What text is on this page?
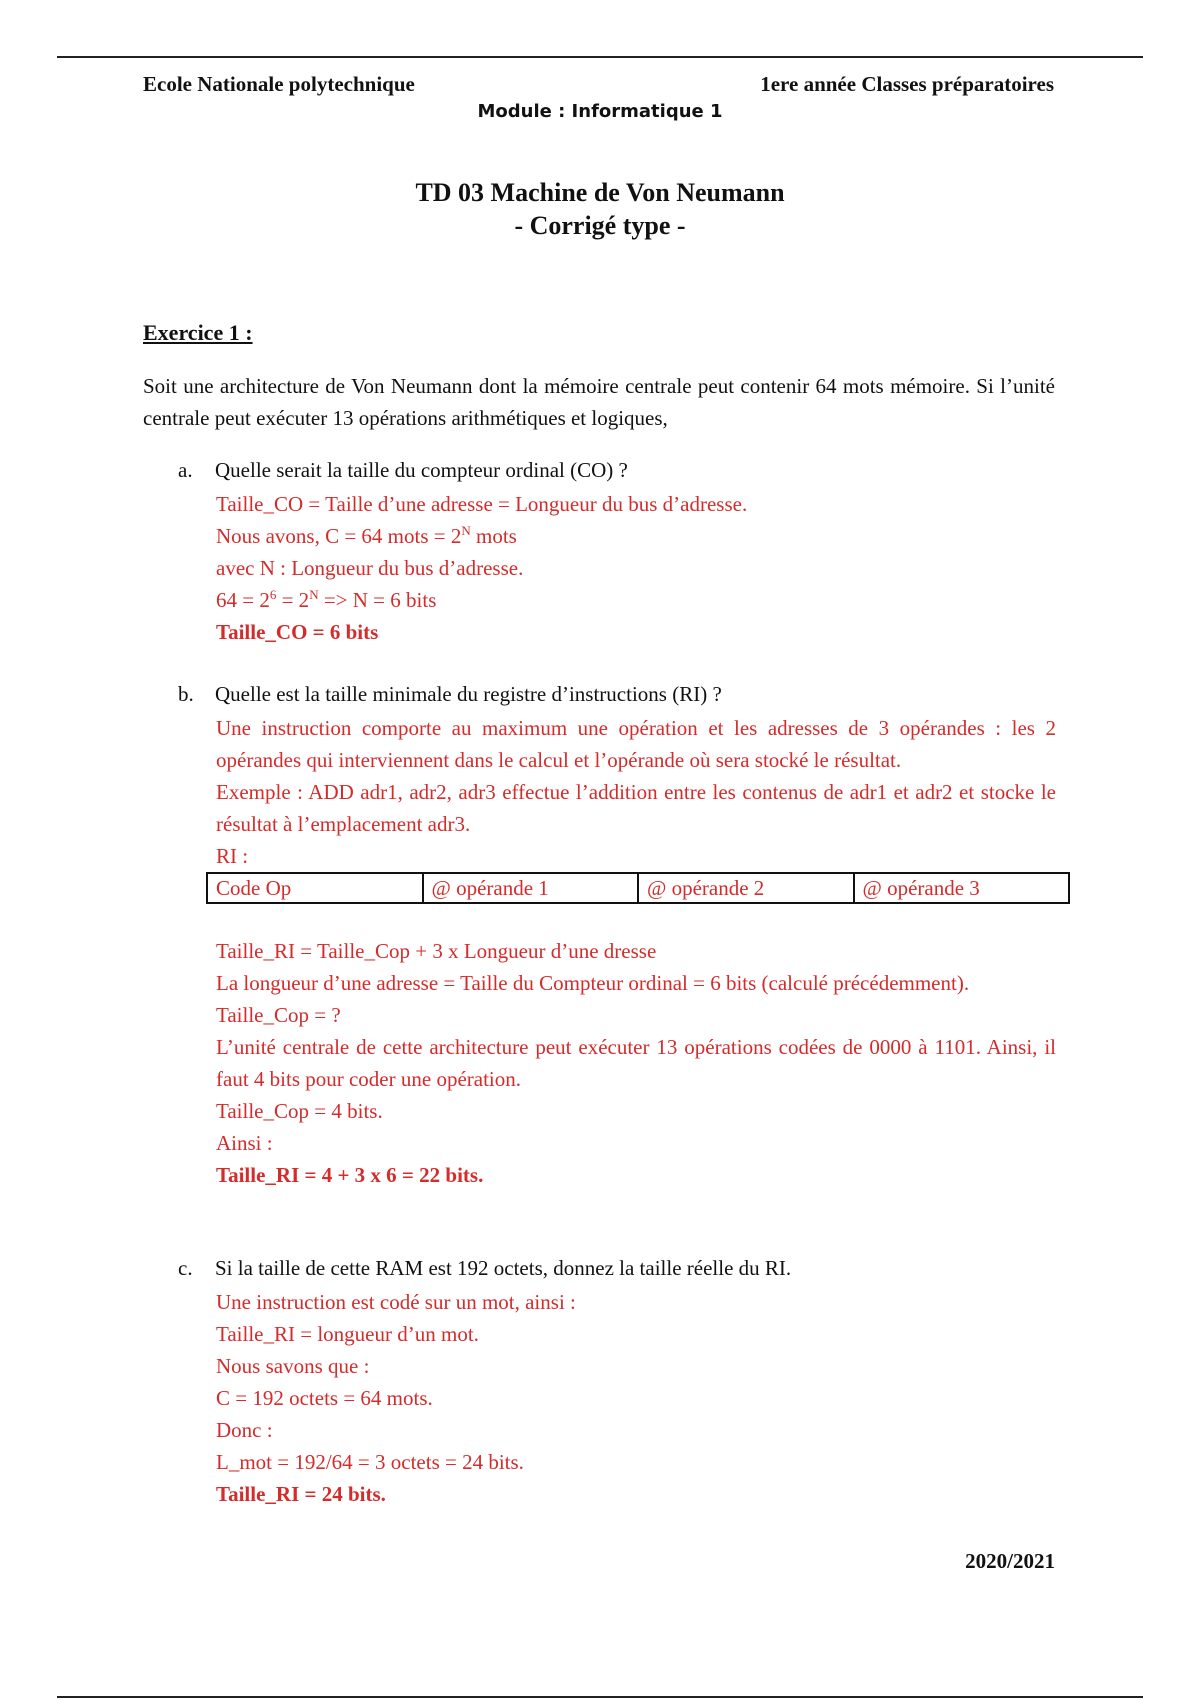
Ecole Nationale polytechnique	1ere année Classes préparatoires
Module : Informatique 1
TD 03 Machine de Von Neumann
- Corrigé type -
Exercice 1 :
Soit une architecture de Von Neumann dont la mémoire centrale peut contenir 64 mots mémoire. Si l’unité centrale peut exécuter 13 opérations arithmétiques et logiques,
a. Quelle serait la taille du compteur ordinal (CO) ?
Taille_CO = Taille d’une adresse = Longueur du bus d’adresse.
Nous avons, C = 64 mots = $2^N$ mots
avec N : Longueur du bus d’adresse.
$64 = 2^6 = 2^N => N = 6$ bits
Taille_CO = 6 bits
b. Quelle est la taille minimale du registre d’instructions (RI) ?
Une instruction comporte au maximum une opération et les adresses de 3 opérandes : les 2 opérandes qui interviennent dans le calcul et l’opérande où sera stocké le résultat.
Exemple : ADD adr1, adr2, adr3 effectue l’addition entre les contenus de adr1 et adr2 et stocke le résultat à l’emplacement adr3.
RI :
Code Op	@ opérande 1	@ opérande 2	@ opérande 3
Taille_RI = Taille_Cop + 3 x Longueur d’une dresse
La longueur d’une adresse = Taille du Compteur ordinal = 6 bits (calculé précédemment).
Taille_Cop = ?
L’unité centrale de cette architecture peut exécuter 13 opérations codées de 0000 à 1101. Ainsi, il faut 4 bits pour coder une opération.
Taille_Cop = 4 bits.
Ainsi :
Taille_RI = 4 + 3 x 6 = 22 bits.
c. Si la taille de cette RAM est 192 octets, donnez la taille réelle du RI.
Une instruction est codé sur un mot, ainsi :
Taille_RI = longueur d’un mot.
Nous savons que :
C = 192 octets = 64 mots.
Donc :
L_mot = 192/64 = 3 octets = 24 bits.
Taille_RI = 24 bits.
2020/2021
